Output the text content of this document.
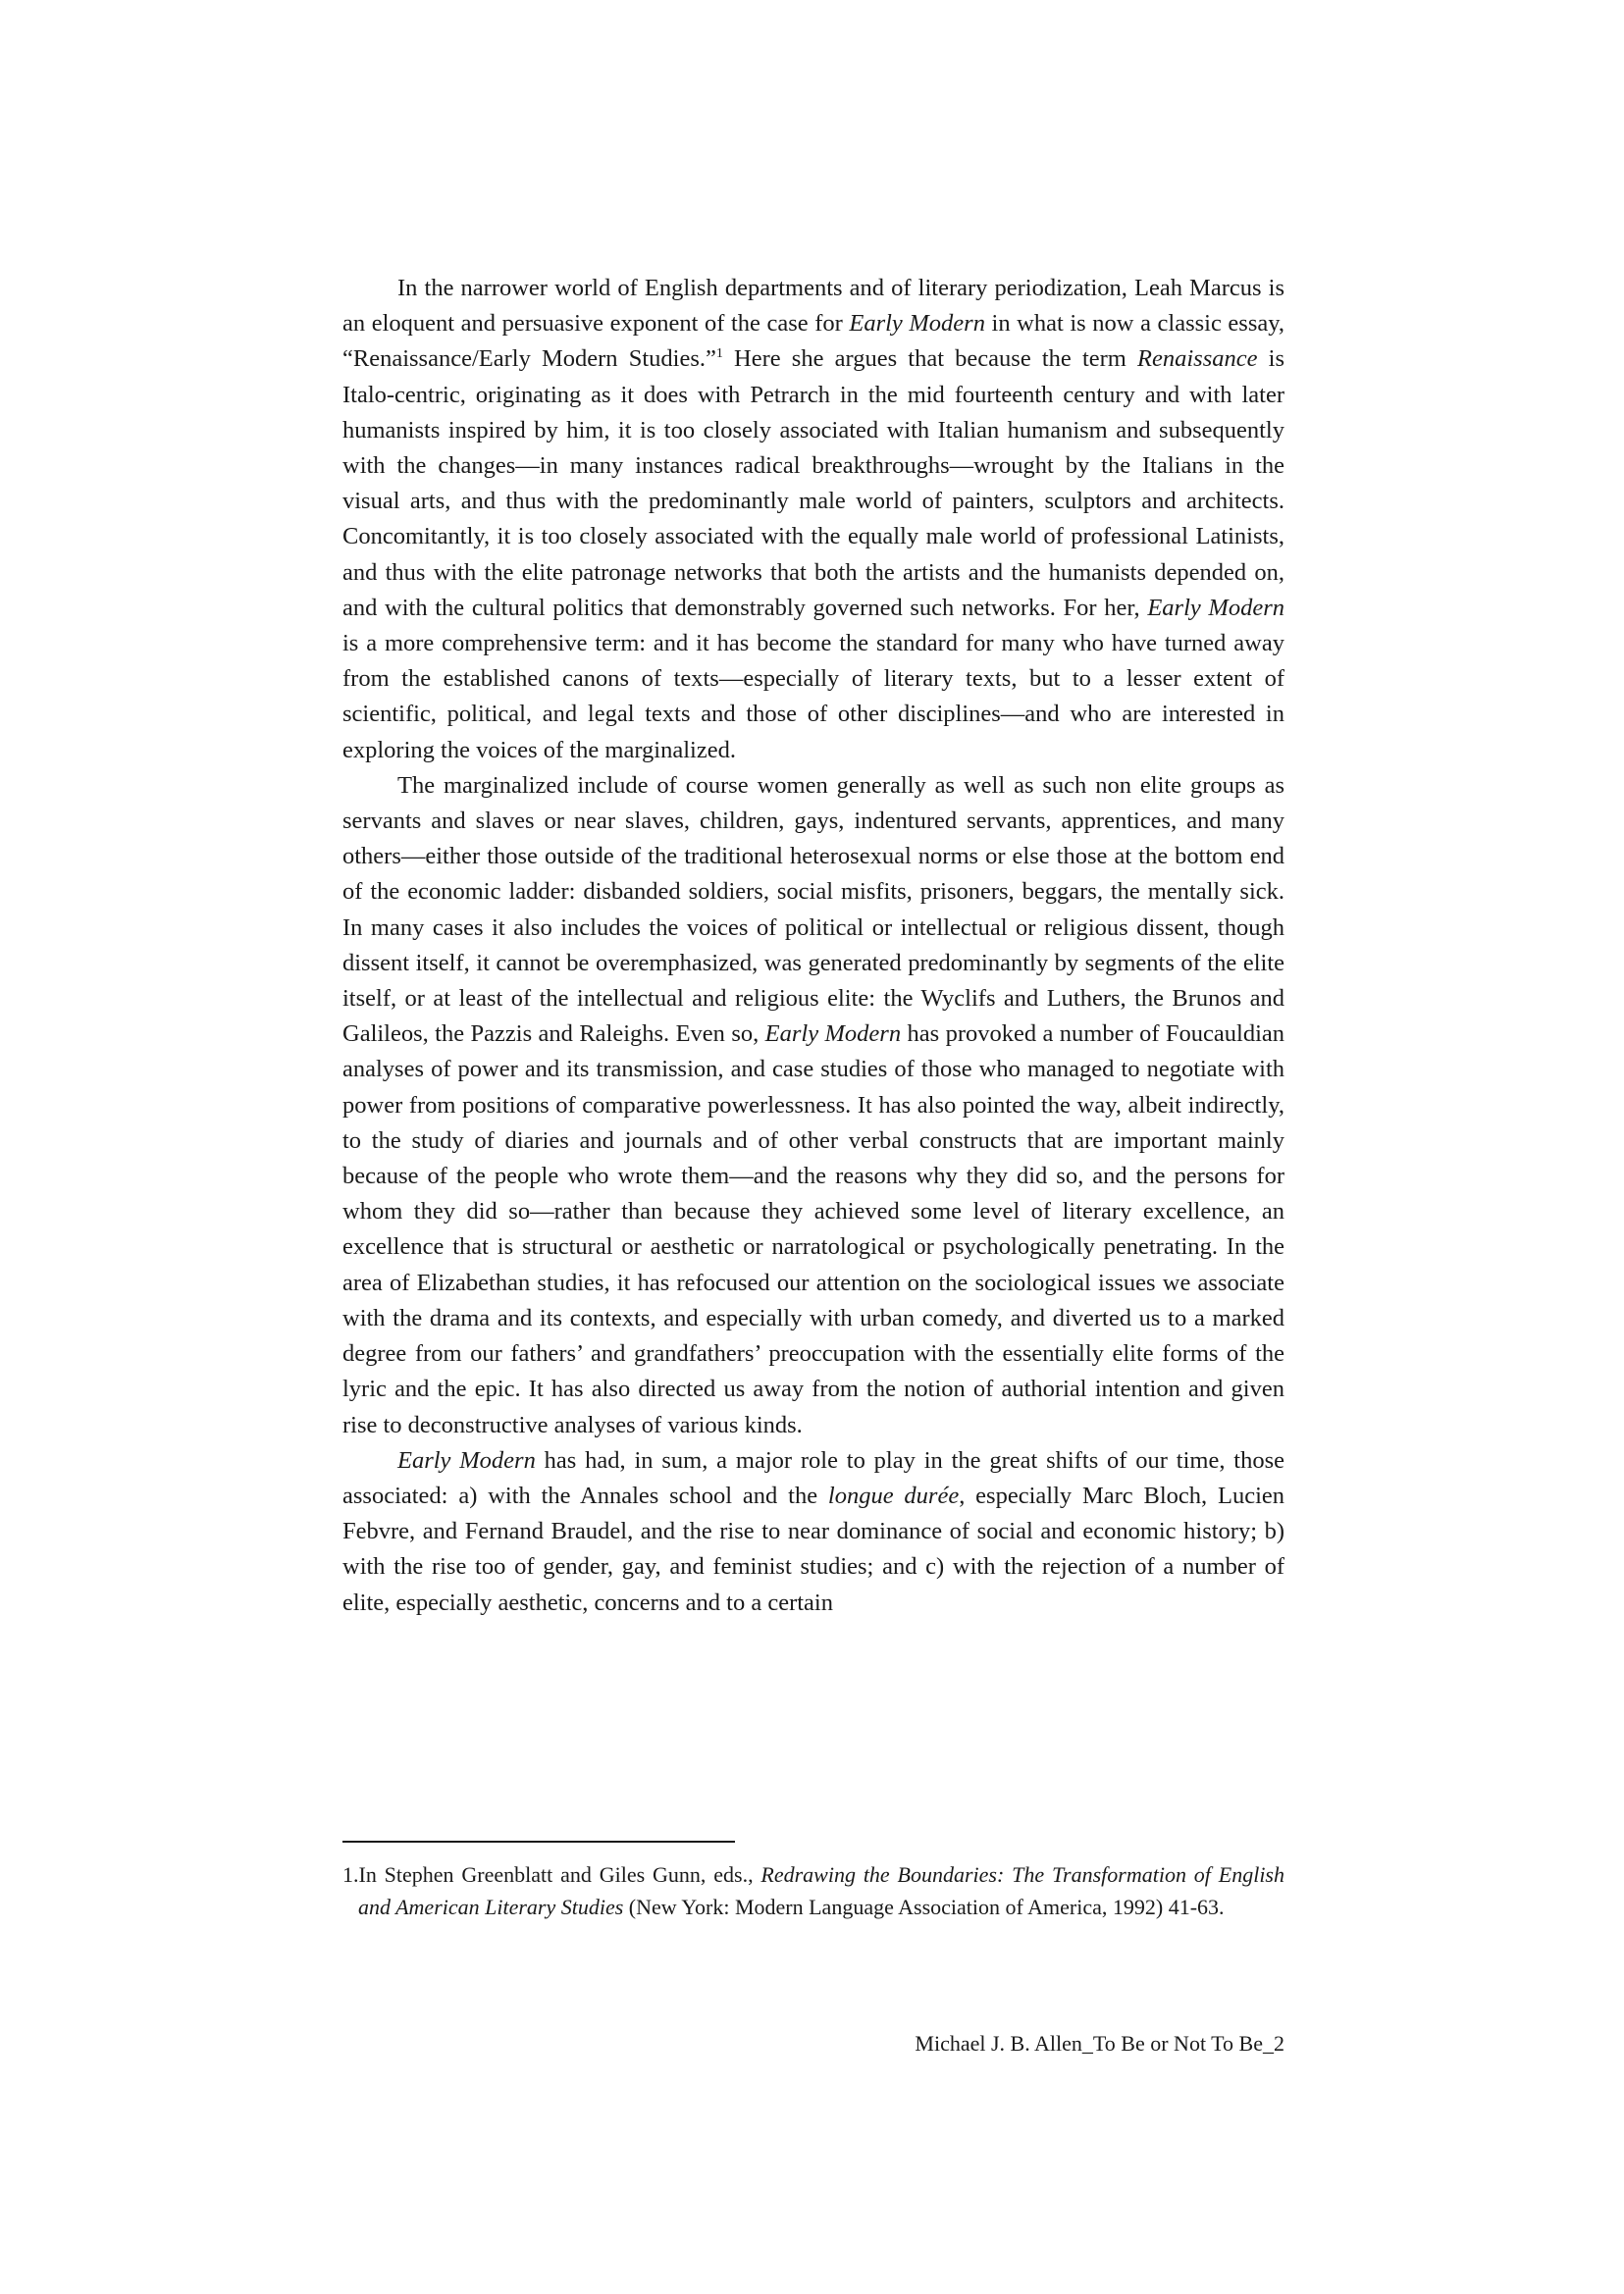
In the narrower world of English departments and of literary periodization, Leah Marcus is an eloquent and persuasive exponent of the case for Early Modern in what is now a classic essay, “Renaissance/Early Modern Studies.”$^1$ Here she argues that because the term Renaissance is Italo-centric, originating as it does with Petrarch in the mid fourteenth century and with later humanists inspired by him, it is too closely associated with Italian humanism and subsequently with the changes—in many instances radical breakthroughs—wrought by the Italians in the visual arts, and thus with the predominantly male world of painters, sculptors and architects. Concomitantly, it is too closely associated with the equally male world of professional Latinists, and thus with the elite patronage networks that both the artists and the humanists depended on, and with the cultural politics that demonstrably governed such networks. For her, Early Modern is a more comprehensive term: and it has become the standard for many who have turned away from the established canons of texts—especially of literary texts, but to a lesser extent of scientific, political, and legal texts and those of other disciplines—and who are interested in exploring the voices of the marginalized.

The marginalized include of course women generally as well as such non elite groups as servants and slaves or near slaves, children, gays, indentured servants, apprentices, and many others—either those outside of the traditional heterosexual norms or else those at the bottom end of the economic ladder: disbanded soldiers, social misfits, prisoners, beggars, the mentally sick. In many cases it also includes the voices of political or intellectual or religious dissent, though dissent itself, it cannot be overemphasized, was generated predominantly by segments of the elite itself, or at least of the intellectual and religious elite: the Wyclifs and Luthers, the Brunos and Galileos, the Pazzis and Raleighs. Even so, Early Modern has provoked a number of Foucauldian analyses of power and its transmission, and case studies of those who managed to negotiate with power from positions of comparative powerlessness. It has also pointed the way, albeit indirectly, to the study of diaries and journals and of other verbal constructs that are important mainly because of the people who wrote them—and the reasons why they did so, and the persons for whom they did so—rather than because they achieved some level of literary excellence, an excellence that is structural or aesthetic or narratological or psychologically penetrating. In the area of Elizabethan studies, it has refocused our attention on the sociological issues we associate with the drama and its contexts, and especially with urban comedy, and diverted us to a marked degree from our fathers’ and grandfathers’ preoccupation with the essentially elite forms of the lyric and the epic. It has also directed us away from the notion of authorial intention and given rise to deconstructive analyses of various kinds.

Early Modern has had, in sum, a major role to play in the great shifts of our time, those associated: a) with the Annales school and the longue durée, especially Marc Bloch, Lucien Febvre, and Fernand Braudel, and the rise to near dominance of social and economic history; b) with the rise too of gender, gay, and feminist studies; and c) with the rejection of a number of elite, especially aesthetic, concerns and to a certain

1.In Stephen Greenblatt and Giles Gunn, eds., Redrawing the Boundaries: The Transformation of English and American Literary Studies (New York: Modern Language Association of America, 1992) 41-63.
Michael J. B. Allen_To Be or Not To Be_2
